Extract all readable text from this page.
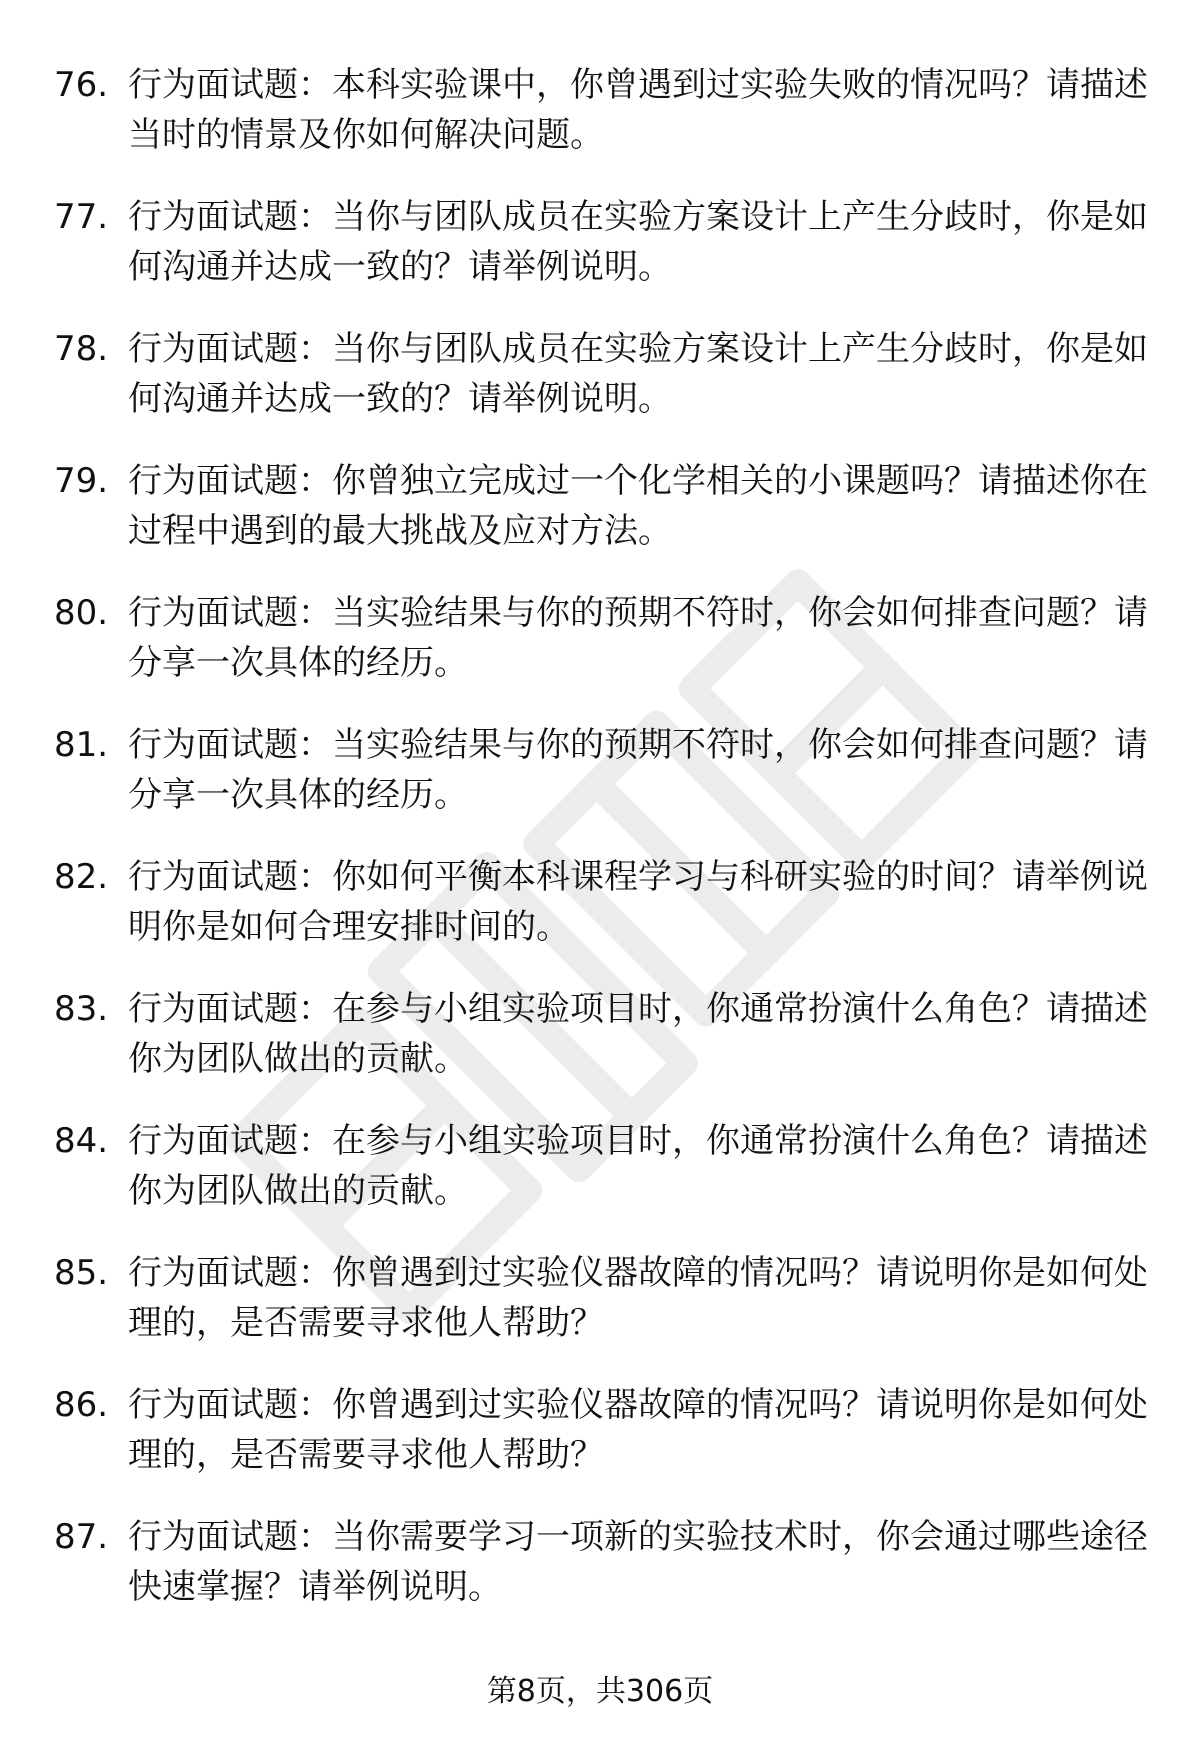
76. 行为面试题：本科实验课中，你曾遇到过实验失败的情况吗？请描述当时的情景及你如何解决问题。
77. 行为面试题：当你与团队成员在实验方案设计上产生分歧时，你是如何沟通并达成一致的？请举例说明。
78. 行为面试题：当你与团队成员在实验方案设计上产生分歧时，你是如何沟通并达成一致的？请举例说明。
79. 行为面试题：你曾独立完成过一个化学相关的小课题吗？请描述你在过程中遇到的最大挑战及应对方法。
80. 行为面试题：当实验结果与你的预期不符时，你会如何排查问题？请分享一次具体的经历。
81. 行为面试题：当实验结果与你的预期不符时，你会如何排查问题？请分享一次具体的经历。
82. 行为面试题：你如何平衡本科课程学习与科研实验的时间？请举例说明你是如何合理安排时间的。
83. 行为面试题：在参与小组实验项目时，你通常扮演什么角色？请描述你为团队做出的贡献。
84. 行为面试题：在参与小组实验项目时，你通常扮演什么角色？请描述你为团队做出的贡献。
85. 行为面试题：你曾遇到过实验仪器故障的情况吗？请说明你是如何处理的，是否需要寻求他人帮助？
86. 行为面试题：你曾遇到过实验仪器故障的情况吗？请说明你是如何处理的，是否需要寻求他人帮助？
87. 行为面试题：当你需要学习一项新的实验技术时，你会通过哪些途径快速掌握？请举例说明。
第8页，共306页
